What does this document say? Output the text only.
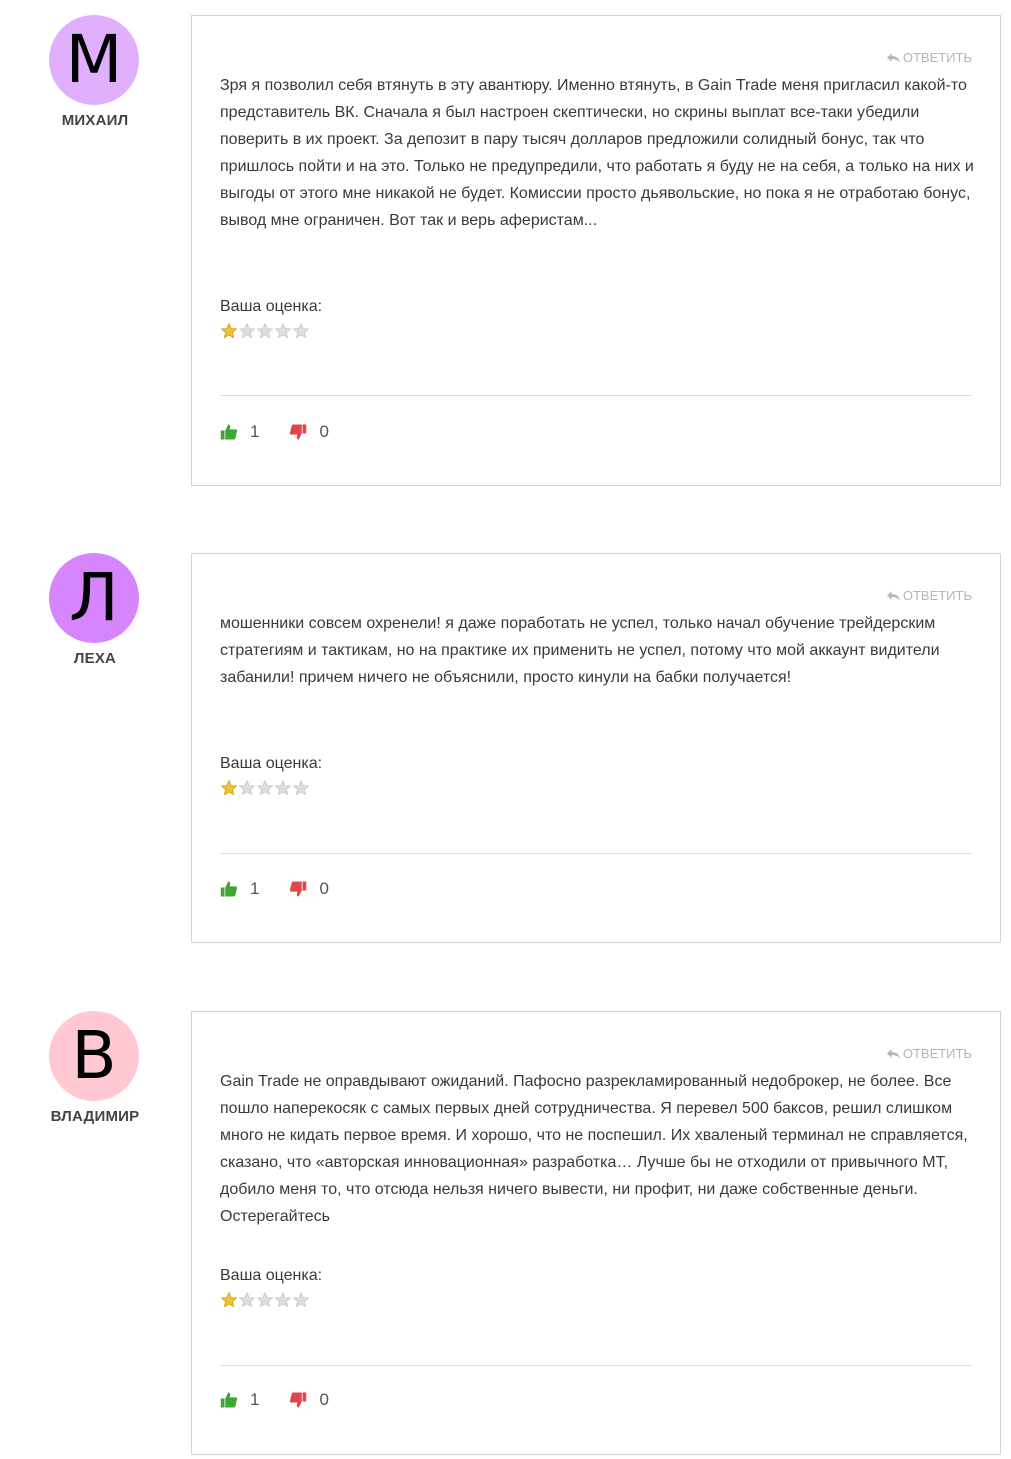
М
МИХАИЛ
ОТВЕТИТЬ
Зря я позволил себя втянуть в эту авантюру. Именно втянуть, в Gain Trade меня пригласил какой-то представитель ВК. Сначала я был настроен скептически, но скрины выплат все-таки убедили поверить в их проект. За депозит в пару тысяч долларов предложили солидный бонус, так что пришлось пойти и на это. Только не предупредили, что работать я буду не на себя, а только на них и выгоды от этого мне никакой не будет. Комиссии просто дьявольские, но пока я не отработаю бонус, вывод мне ограничен. Вот так и верь аферистам...
Ваша оценка:
1	0
Л
ЛЕХА
ОТВЕТИТЬ
мошенники совсем охренели! я даже поработать не успел, только начал обучение трейдерским стратегиям и тактикам, но на практике их применить не успел, потому что мой аккаунт видители забанили! причем ничего не объяснили, просто кинули на бабки получается!
Ваша оценка:
1	0
В
ВЛАДИМИР
ОТВЕТИТЬ
Gain Trade не оправдывают ожиданий. Пафосно разрекламированный недоброкер, не более. Все пошло наперекосяк с самых первых дней сотрудничества. Я перевел 500 баксов, решил слишком много не кидать первое время. И хорошо, что не поспешил. Их хваленый терминал не справляется, сказано, что «авторская инновационная» разработка… Лучше бы не отходили от привычного МТ, добило меня то, что отсюда нельзя ничего вывести, ни профит, ни даже собственные деньги. Остерегайтесь
Ваша оценка:
1	0
